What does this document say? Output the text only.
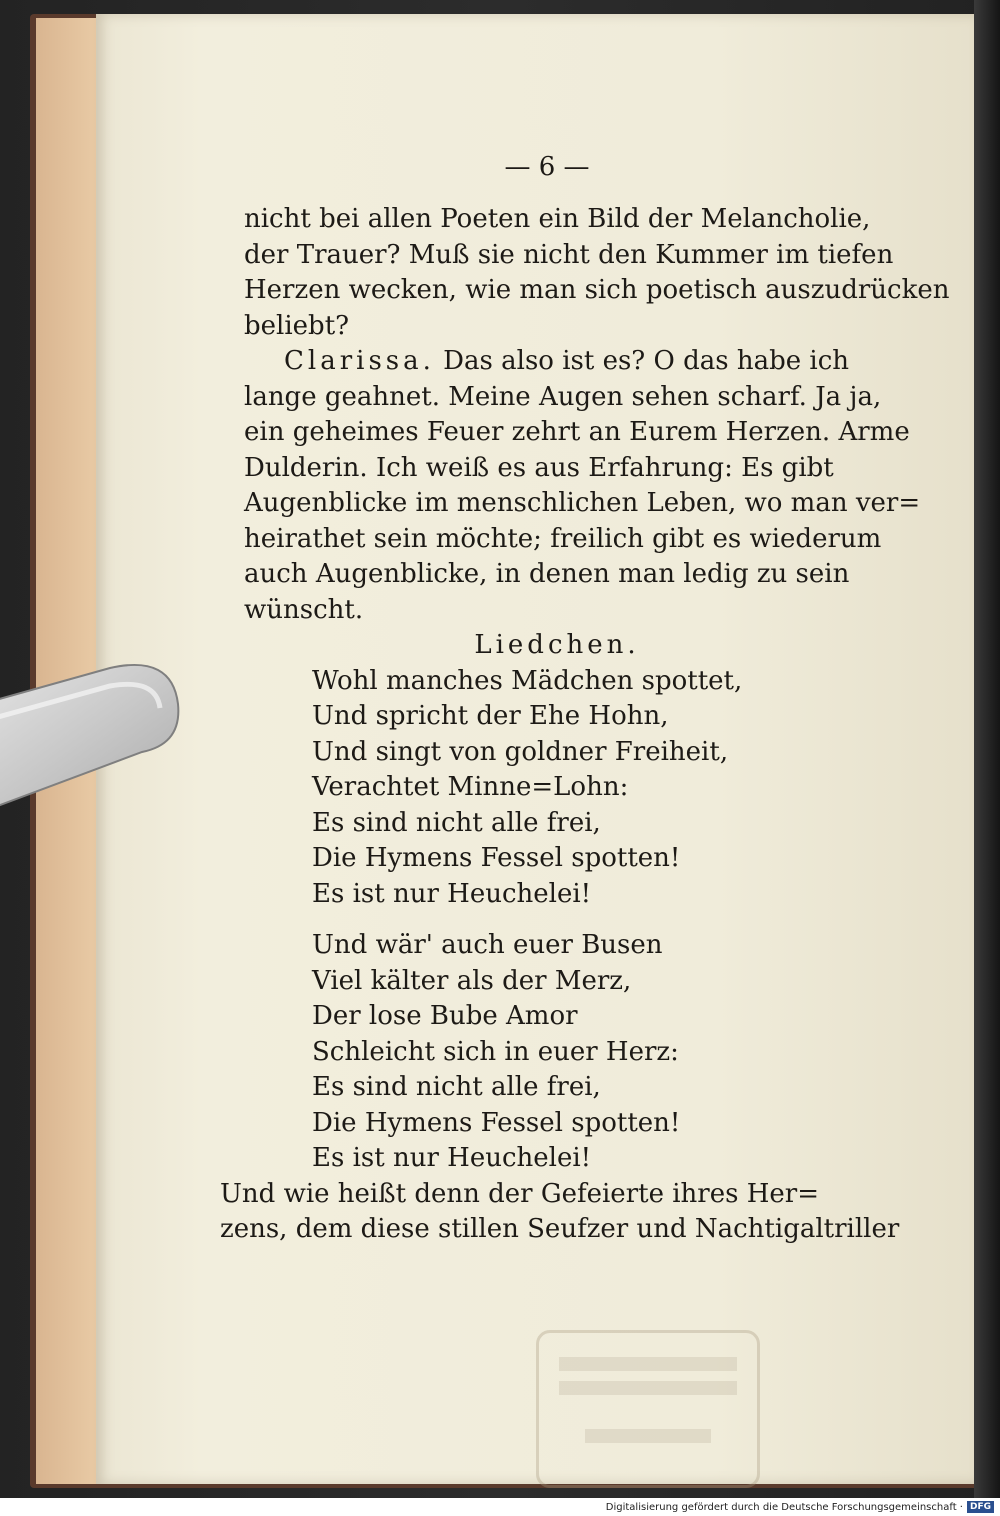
— 6 —
nicht bei allen Poeten ein Bild der Melancholie,
der Trauer? Muß sie nicht den Kummer im tiefen
Herzen wecken, wie man sich poetisch auszudrücken
beliebt?
Clarissa. Das also ist es? O das habe ich
lange geahnet. Meine Augen sehen scharf. Ja ja,
ein geheimes Feuer zehrt an Eurem Herzen. Arme
Dulderin. Ich weiß es aus Erfahrung: Es gibt
Augenblicke im menschlichen Leben, wo man ver=
heirathet sein möchte; freilich gibt es wiederum
auch Augenblicke, in denen man ledig zu sein
wünscht.
Liedchen.
Wohl manches Mädchen spottet,
Und spricht der Ehe Hohn,
Und singt von goldner Freiheit,
Verachtet Minne=Lohn:
Es sind nicht alle frei,
Die Hymens Fessel spotten!
Es ist nur Heuchelei!
Und wär' auch euer Busen
Viel kälter als der Merz,
Der lose Bube Amor
Schleicht sich in euer Herz:
Es sind nicht alle frei,
Die Hymens Fessel spotten!
Es ist nur Heuchelei!
Und wie heißt denn der Gefeierte ihres Her=
zens, dem diese stillen Seufzer und Nachtigaltriller
Digitalisierung gefördert durch die Deutsche Forschungsgemeinschaft · DFG
